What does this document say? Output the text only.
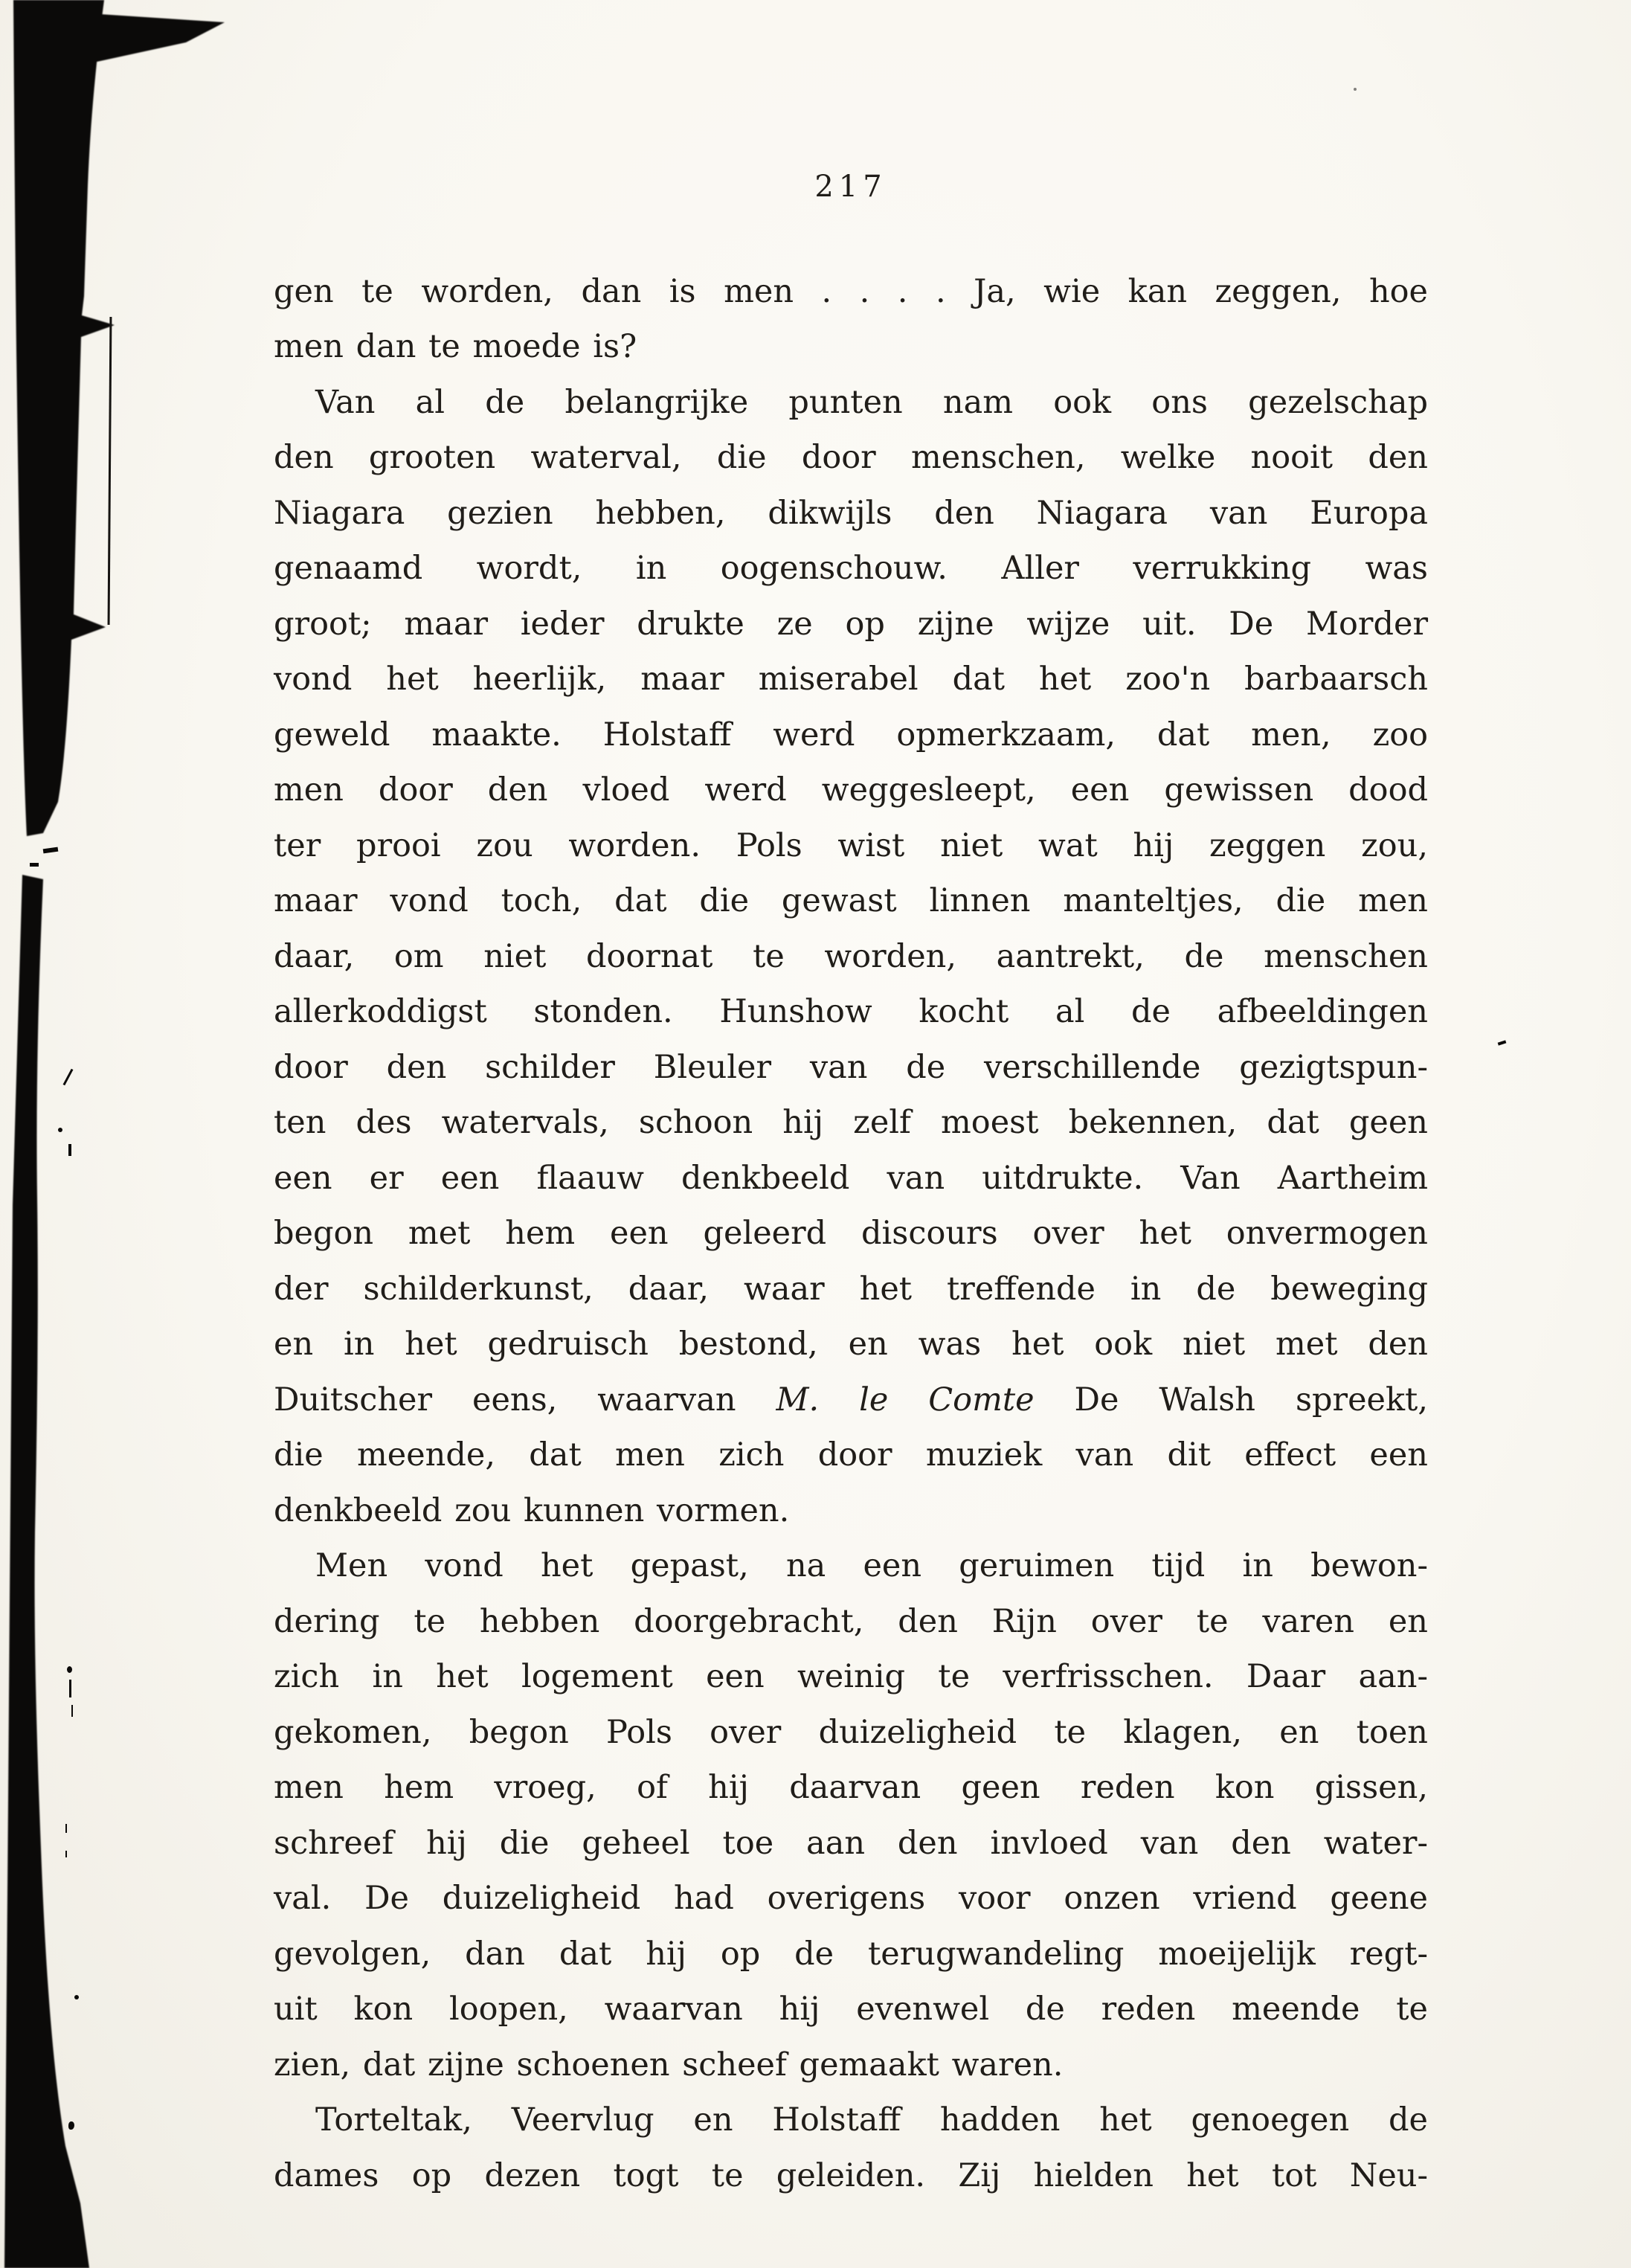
217

gen te worden, dan is men . . . . Ja, wie kan zeggen, hoe
men dan te moede is?

Van al de belangrijke punten nam ook ons gezelschap
den grooten waterval, die door menschen, welke nooit den
Niagara gezien hebben, dikwijls den Niagara van Europa
genaamd wordt, in oogenschouw. Aller verrukking was
groot; maar ieder drukte ze op zijne wijze uit. De Morder
vond het heerlijk, maar miserabel dat het zoo'n barbaarsch
geweld maakte. Holstaff werd opmerkzaam, dat men, zoo
men door den vloed werd weggesleept, een gewissen dood
ter prooi zou worden. Pols wist niet wat hij zeggen zou,
maar vond toch, dat die gewast linnen manteltjes, die men
daar, om niet doornat te worden, aantrekt, de menschen
allerkoddigst stonden. Hunshow kocht al de afbeeldingen
door den schilder Bleuler van de verschillende gezigtspun-
ten des watervals, schoon hij zelf moest bekennen, dat geen
een er een flaauw denkbeeld van uitdrukte. Van Aartheim
begon met hem een geleerd discours over het onvermogen
der schilderkunst, daar, waar het treffende in de beweging
en in het gedruisch bestond, en was het ook niet met den
Duitscher eens, waarvan M. le Comte De Walsh spreekt,
die meende, dat men zich door muziek van dit effect een
denkbeeld zou kunnen vormen.

Men vond het gepast, na een geruimen tijd in bewon-
dering te hebben doorgebracht, den Rijn over te varen en
zich in het logement een weinig te verfrisschen. Daar aan-
gekomen, begon Pols over duizeligheid te klagen, en toen
men hem vroeg, of hij daarvan geen reden kon gissen,
schreef hij die geheel toe aan den invloed van den water-
val. De duizeligheid had overigens voor onzen vriend geene
gevolgen, dan dat hij op de terugwandeling moeijelijk regt-
uit kon loopen, waarvan hij evenwel de reden meende te
zien, dat zijne schoenen scheef gemaakt waren.

Torteltak, Veervlug en Holstaff hadden het genoegen de
dames op dezen togt te geleiden. Zij hielden het tot Neu-
